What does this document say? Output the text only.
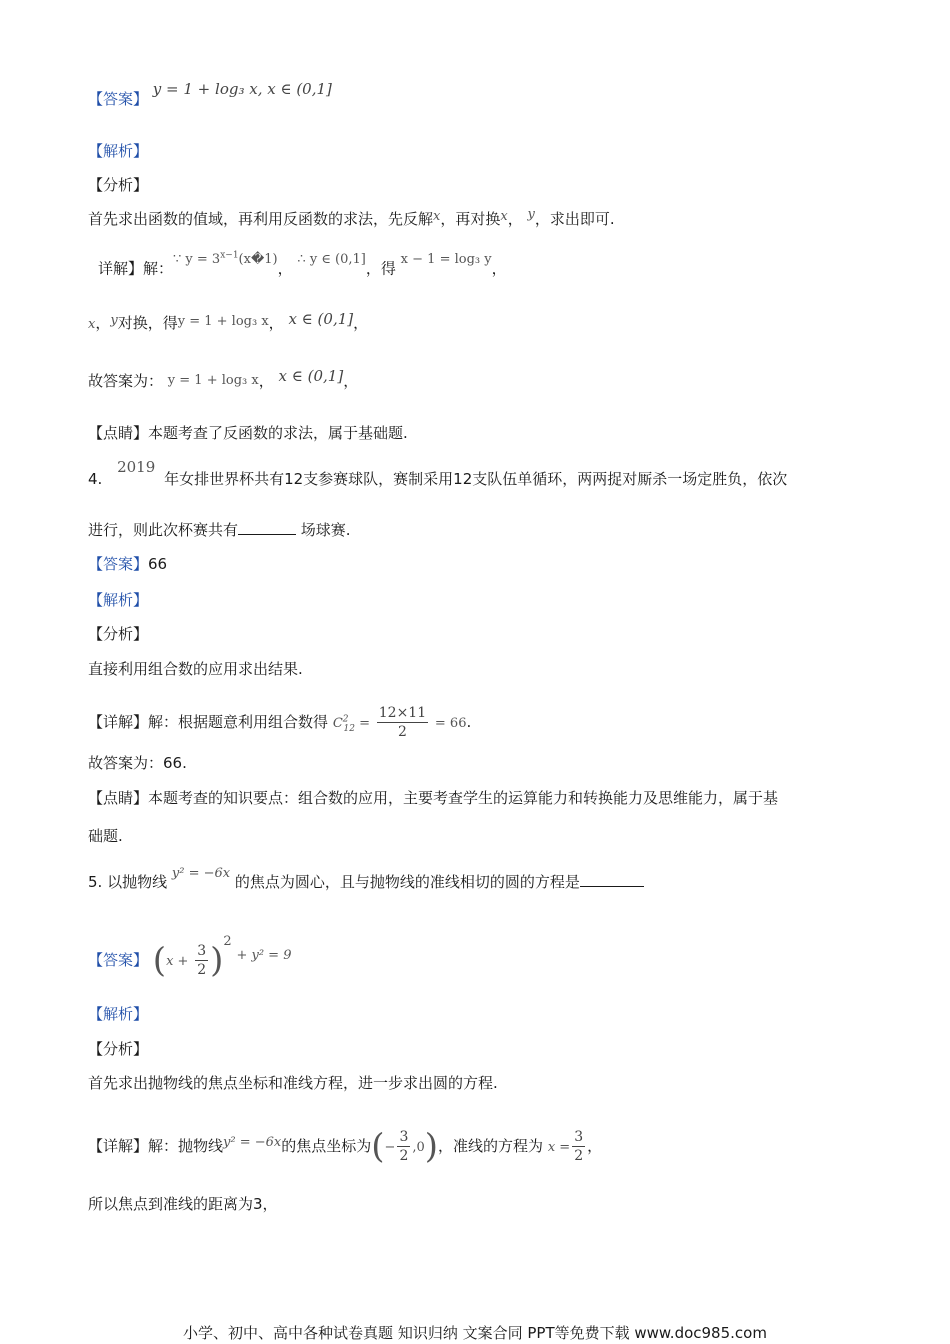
【答案】 y = 1 + log₃ x, x ∈ (0,1]
【解析】
【分析】
首先求出函数的值域，再利用反函数的求法，先反解x，再对换x， y，求出即可.
详解】解：∵ $y = 3^{x-1}(x�1)$， ∴ y ∈ (0,1]，得 x − 1 = log₃ y，
x，y对换，得y = 1 + log₃ x， x ∈ (0,1]，
故答案为： y = 1 + log₃ x， x ∈ (0,1]，
【点睛】本题考查了反函数的求法，属于基础题.
4. 2019 年女排世界杯共有12支参赛球队，赛制采用12支队伍单循环，两两捉对厮杀一场定胜负，依次
进行，则此次杯赛共有	场球赛.
【答案】66
【解析】
【分析】
直接利用组合数的应用求出结果.
【详解】解：根据题意利用组合数得 $C^2_{12} = \frac{12\times 11}{2} = 66$.
故答案为：66.
【点睛】本题考查的知识要点：组合数的应用，主要考查学生的运算能力和转换能力及思维能力，属于基
础题.
5. 以抛物线 y² = −6x 的焦点为圆心，且与抛物线的准线相切的圆的方程是
【答案】 $(x + \frac{3}{2} )^2 + y^2 = 9$
【解析】
【分析】
首先求出抛物线的焦点坐标和准线方程，进一步求出圆的方程.
【详解】解：抛物线y² = −6x的焦点坐标为(− $\frac{3}{2} ,0$)，准线的方程为 $x = \frac{3}{2}$ ，
所以焦点到准线的距离为3，
小学、初中、高中各种试卷真题 知识归纳 文案合同 PPT等免费下载 www.doc985.com
